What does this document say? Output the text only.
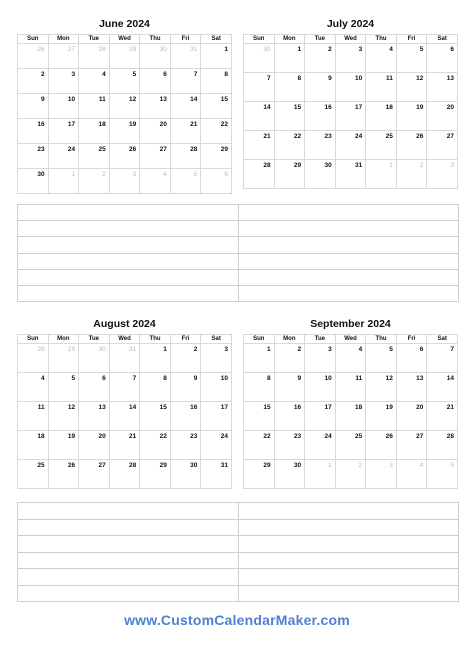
June 2024
Sun	Mon	Tue	Wed	Thu	Fri	Sat
26	27	28	29	30	31	1
2	3	4	5	6	7	8
9	10	11	12	13	14	15
16	17	18	19	20	21	22
23	24	25	26	27	28	29
30	1	2	3	4	5	6
July 2024
Sun	Mon	Tue	Wed	Thu	Fri	Sat
30	1	2	3	4	5	6
7	8	9	10	11	12	13
14	15	16	17	18	19	20
21	22	23	24	25	26	27
28	29	30	31	1	2	3
August 2024
Sun	Mon	Tue	Wed	Thu	Fri	Sat
28	29	30	31	1	2	3
4	5	6	7	8	9	10
11	12	13	14	15	16	17
18	19	20	21	22	23	24
25	26	27	28	29	30	31
September 2024
Sun	Mon	Tue	Wed	Thu	Fri	Sat
1	2	3	4	5	6	7
8	9	10	11	12	13	14
15	16	17	18	19	20	21
22	23	24	25	26	27	28
29	30	1	2	3	4	5
www.CustomCalendarMaker.com
